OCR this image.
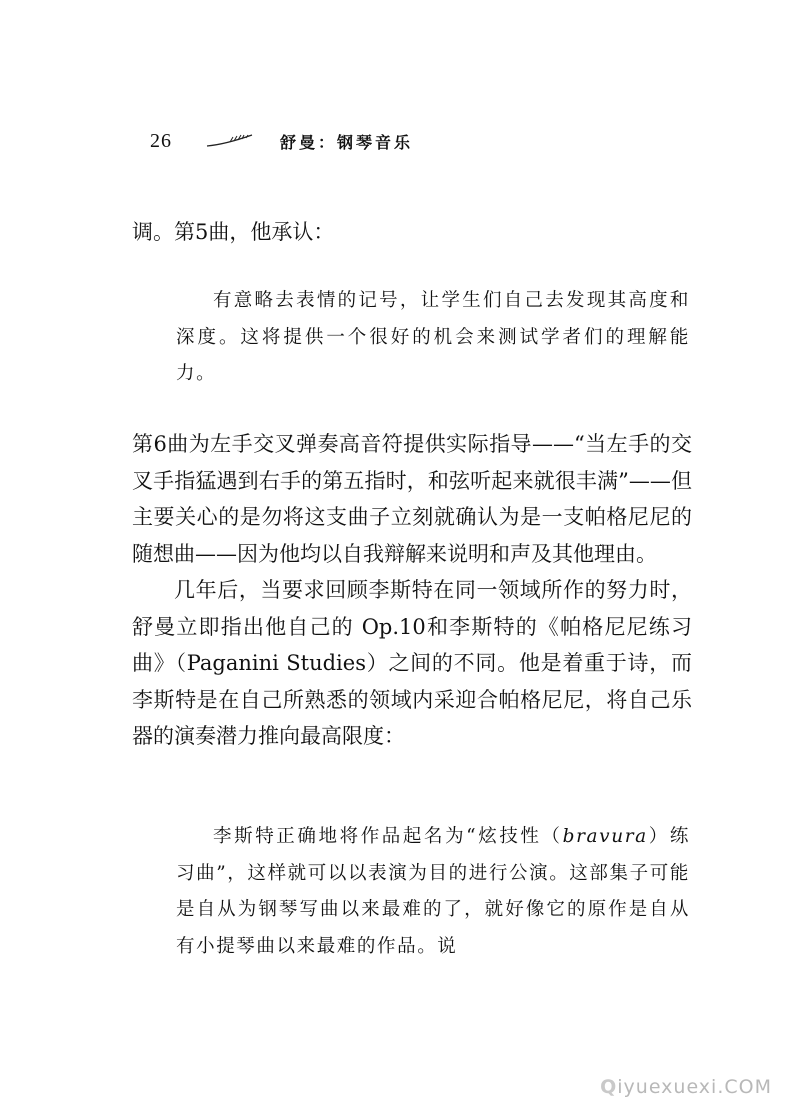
26	舒曼：钢琴音乐

调。第5曲，他承认：

有意略去表情的记号，让学生们自己去发现其高度和深度。这将提供一个很好的机会来测试学者们的理解能力。

第6曲为左手交叉弹奏高音符提供实际指导——“当左手的交叉手指猛遇到右手的第五指时，和弦听起来就很丰满”——但主要关心的是勿将这支曲子立刻就确认为是一支帕格尼尼的随想曲——因为他均以自我辩解来说明和声及其他理由。

几年后，当要求回顾李斯特在同一领域所作的努力时，舒曼立即指出他自己的 Op.10和李斯特的《帕格尼尼练习曲》（Paganini Studies）之间的不同。他是着重于诗，而李斯特是在自己所熟悉的领域内采迎合帕格尼尼，将自己乐器的演奏潜力推向最高限度：

李斯特正确地将作品起名为“炫技性（bravura）练习曲”，这样就可以以表演为目的进行公演。这部集子可能是自从为钢琴写曲以来最难的了，就好像它的原作是自从有小提琴曲以来最难的作品。说

Qiyuexuexi.COM
